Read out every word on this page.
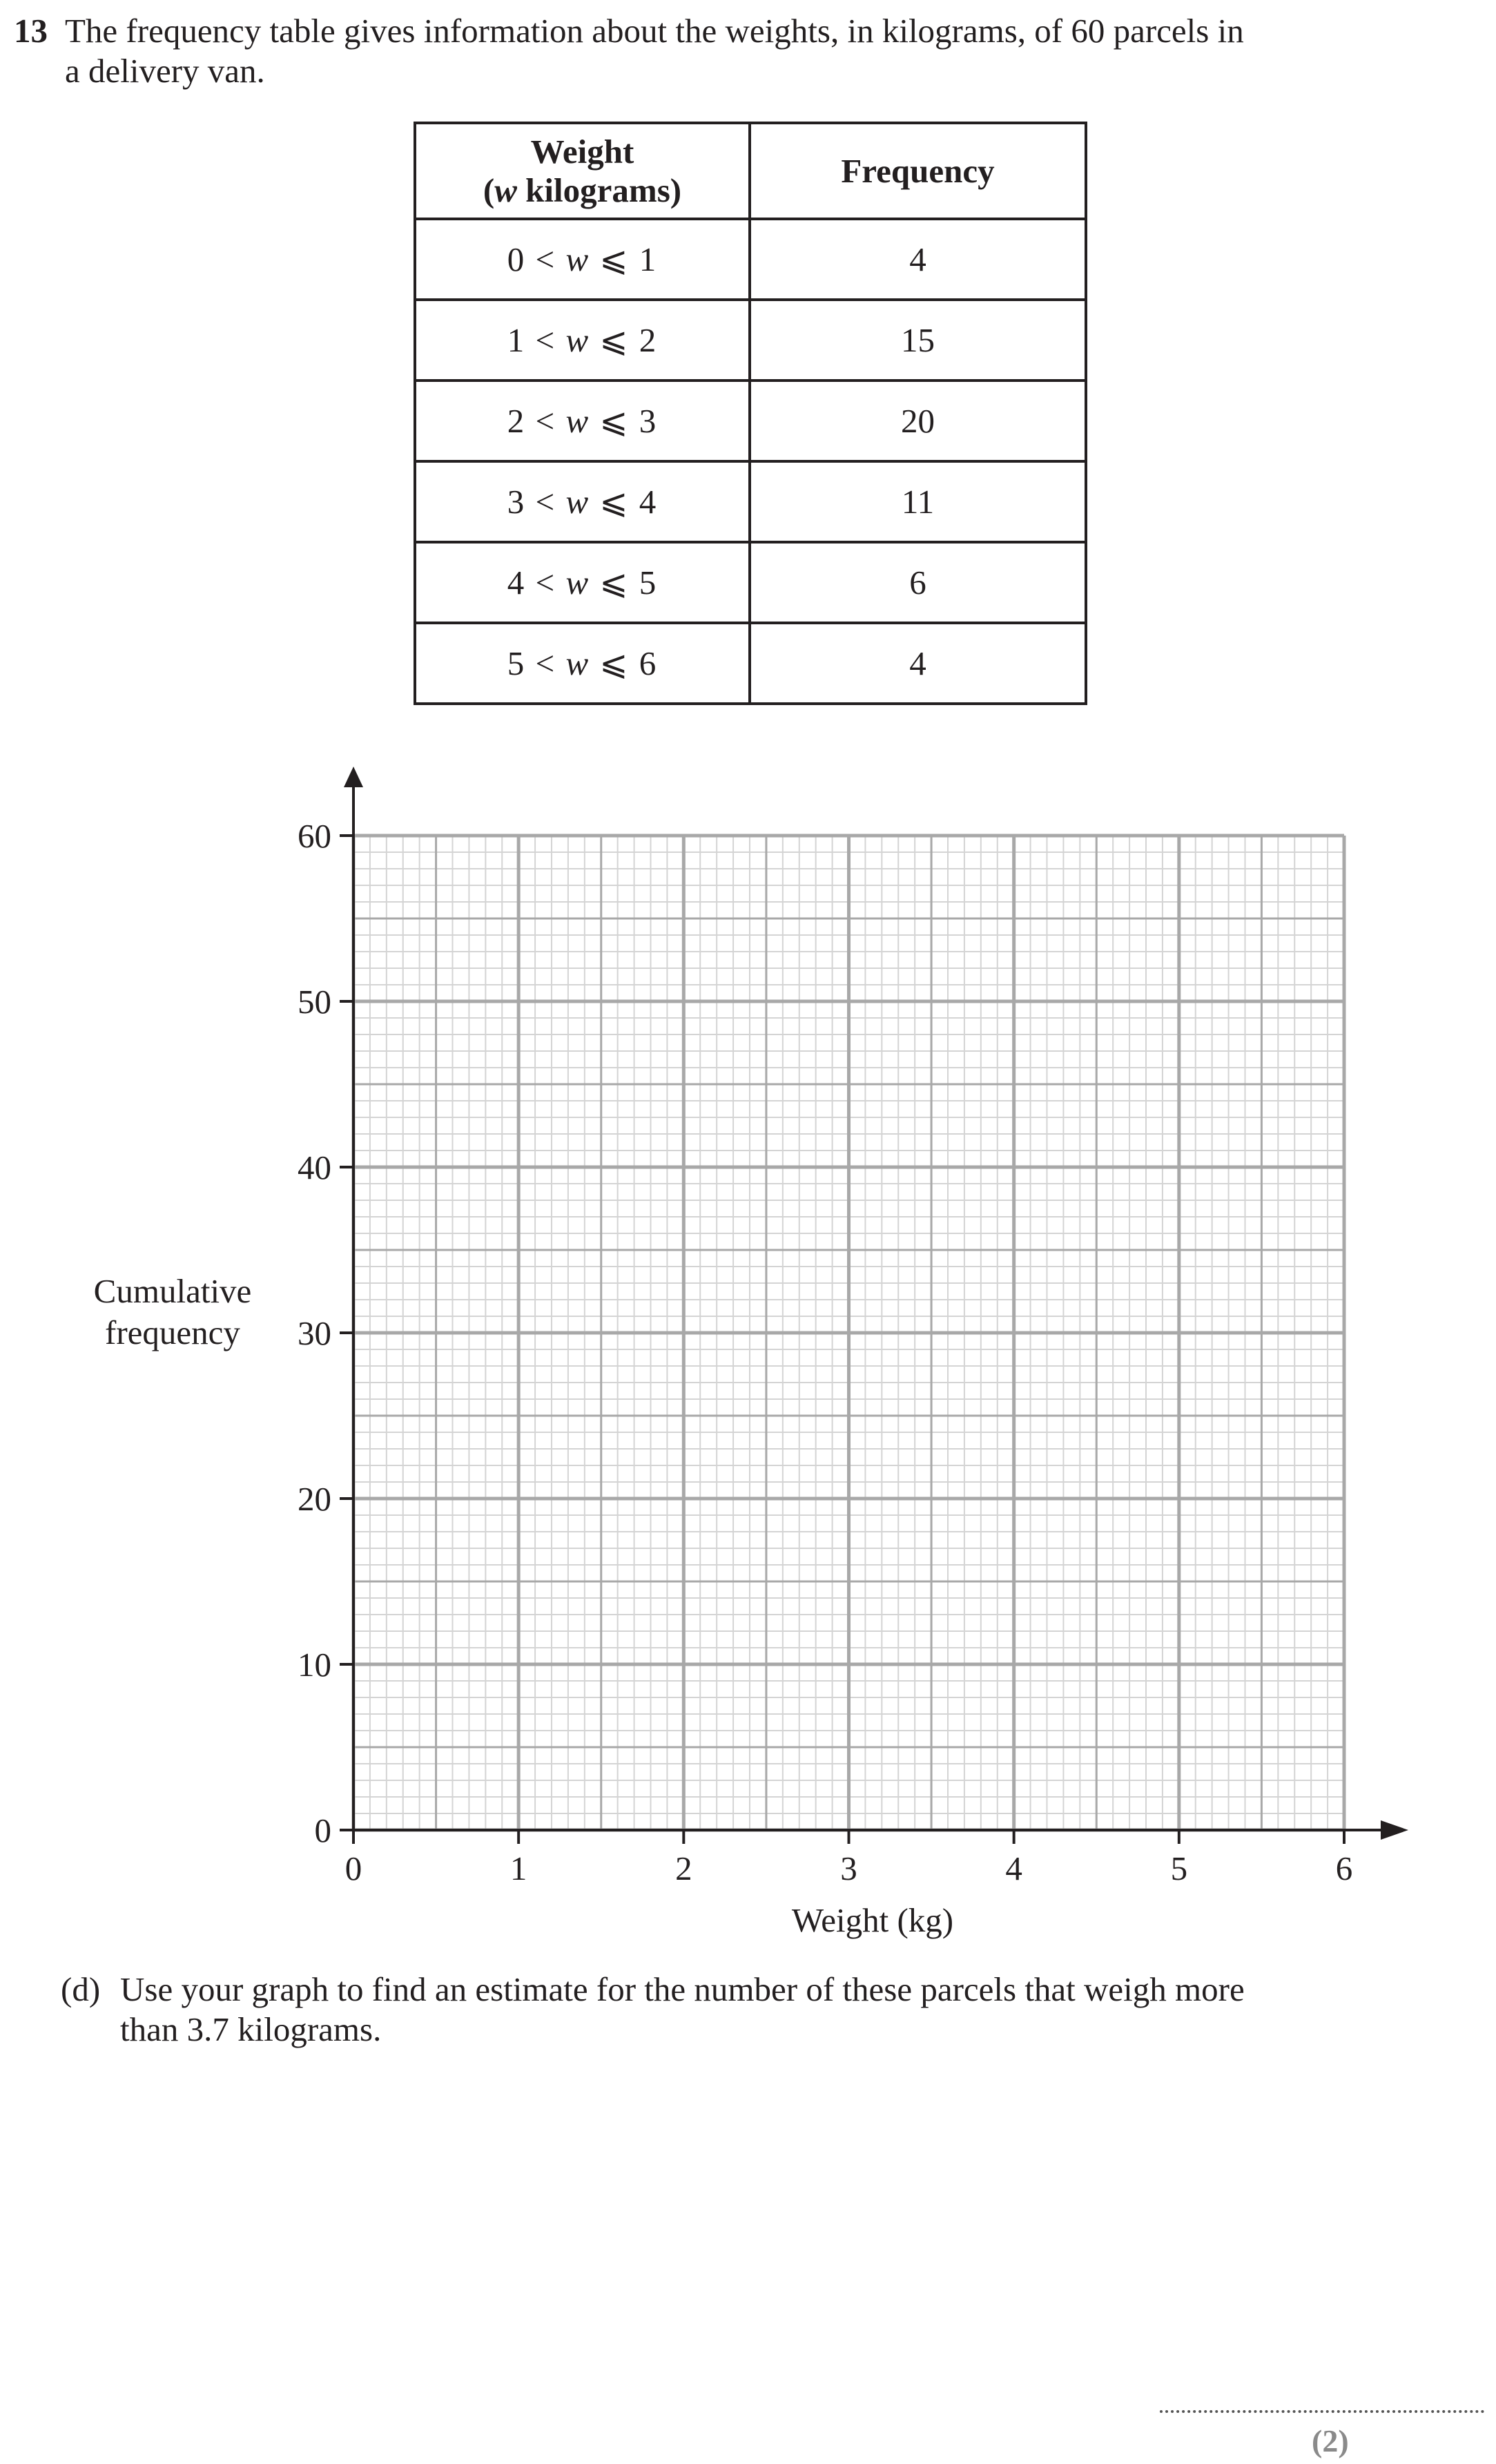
13 The frequency table gives information about the weights, in kilograms, of 60 parcels in
a delivery van.
Weight
(w kilograms)	Frequency
0 < w ⩽ 1	4
1 < w ⩽ 2	15
2 < w ⩽ 3	20
3 < w ⩽ 4	11
4 < w ⩽ 5	6
5 < w ⩽ 6	4
0
10
20
30
40
50
60
0	1	2	3	4	5	6
Cumulative
frequency
Weight (kg)
(d) Use your graph to find an estimate for the number of these parcels that weigh more
than 3.7 kilograms.
(2)
